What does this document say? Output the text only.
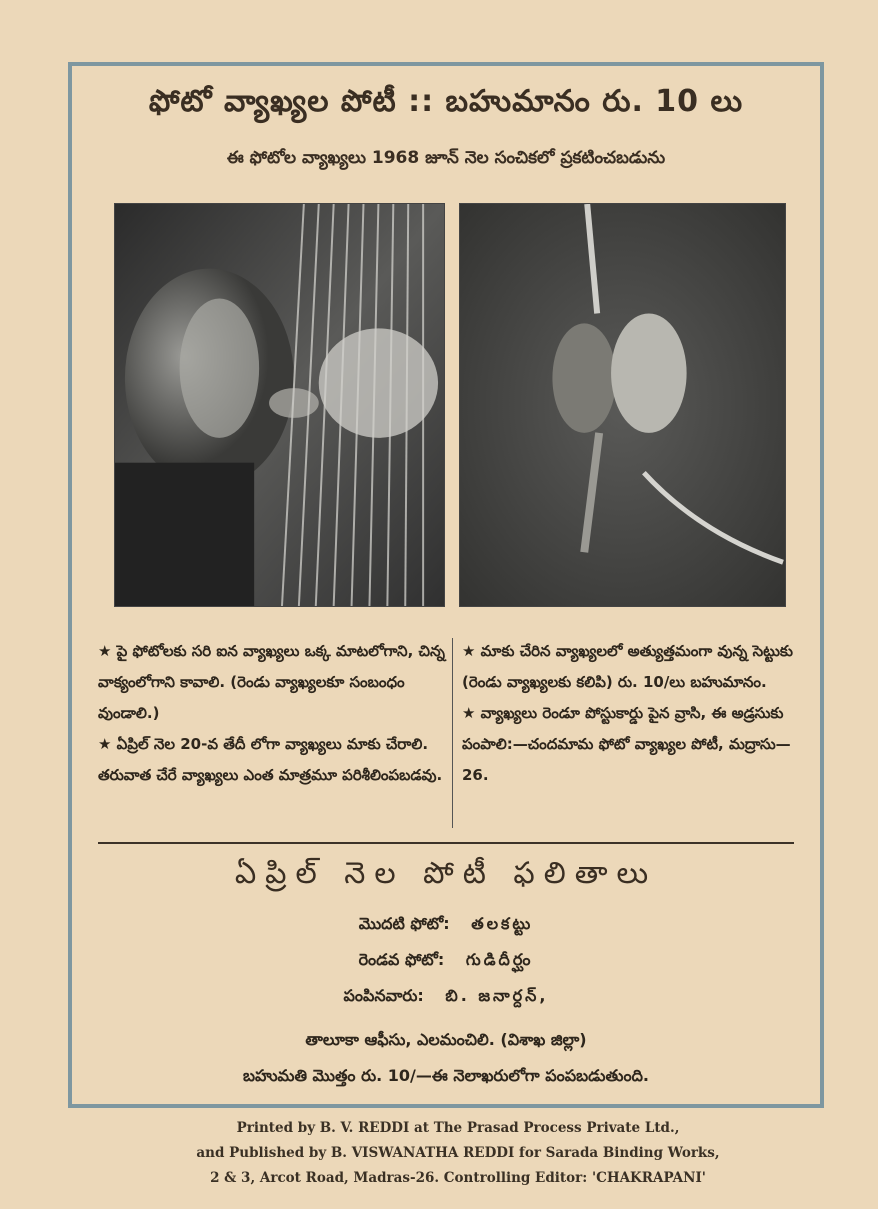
ఫోటో వ్యాఖ్యల పోటీ :: బహుమానం రు. 10 లు
ఈ ఫోటోల వ్యాఖ్యలు 1968 జూన్ నెల సంచికలో ప్రకటించబడును

★ పై ఫోటోలకు సరి ఐన వ్యాఖ్యలు ఒక్క మాటలోగాని, చిన్న వాక్యంలోగాని కావాలి. (రెండు వ్యాఖ్యలకూ సంబంధం వుండాలి.)

★ ఏప్రిల్ నెల 20-వ తేదీ లోగా వ్యాఖ్యలు మాకు చేరాలి. తరువాత చేరే వ్యాఖ్యలు ఎంత మాత్రమూ పరిశీలింపబడవు.

★ మాకు చేరిన వ్యాఖ్యలలో అత్యుత్తమంగా వున్న సెట్టుకు (రెండు వ్యాఖ్యలకు కలిపి) రు. 10/లు బహుమానం.

★ వ్యాఖ్యలు రెండూ పోస్టుకార్డు పైన వ్రాసి, ఈ అడ్రసుకు పంపాలి:—చందమామ ఫోటో వ్యాఖ్యల పోటీ, మద్రాసు—26.

ఏప్రిల్ నెల పోటీ ఫలితాలు
మొదటి ఫోటో: తలకట్టు
రెండవ ఫోటో: గుడిదీర్ఘం
పంపినవారు: బి. జనార్దన్,
తాలూకా ఆఫీసు, ఎలమంచిలి. (విశాఖ జిల్లా)
బహుమతి మొత్తం రు. 10/—ఈ నెలాఖరులోగా పంపబడుతుంది.
Printed by B. V. REDDI at The Prasad Process Private Ltd.,
and Published by B. VISWANATHA REDDI for Sarada Binding Works,
2 & 3, Arcot Road, Madras-26. Controlling Editor: 'CHAKRAPANI'
